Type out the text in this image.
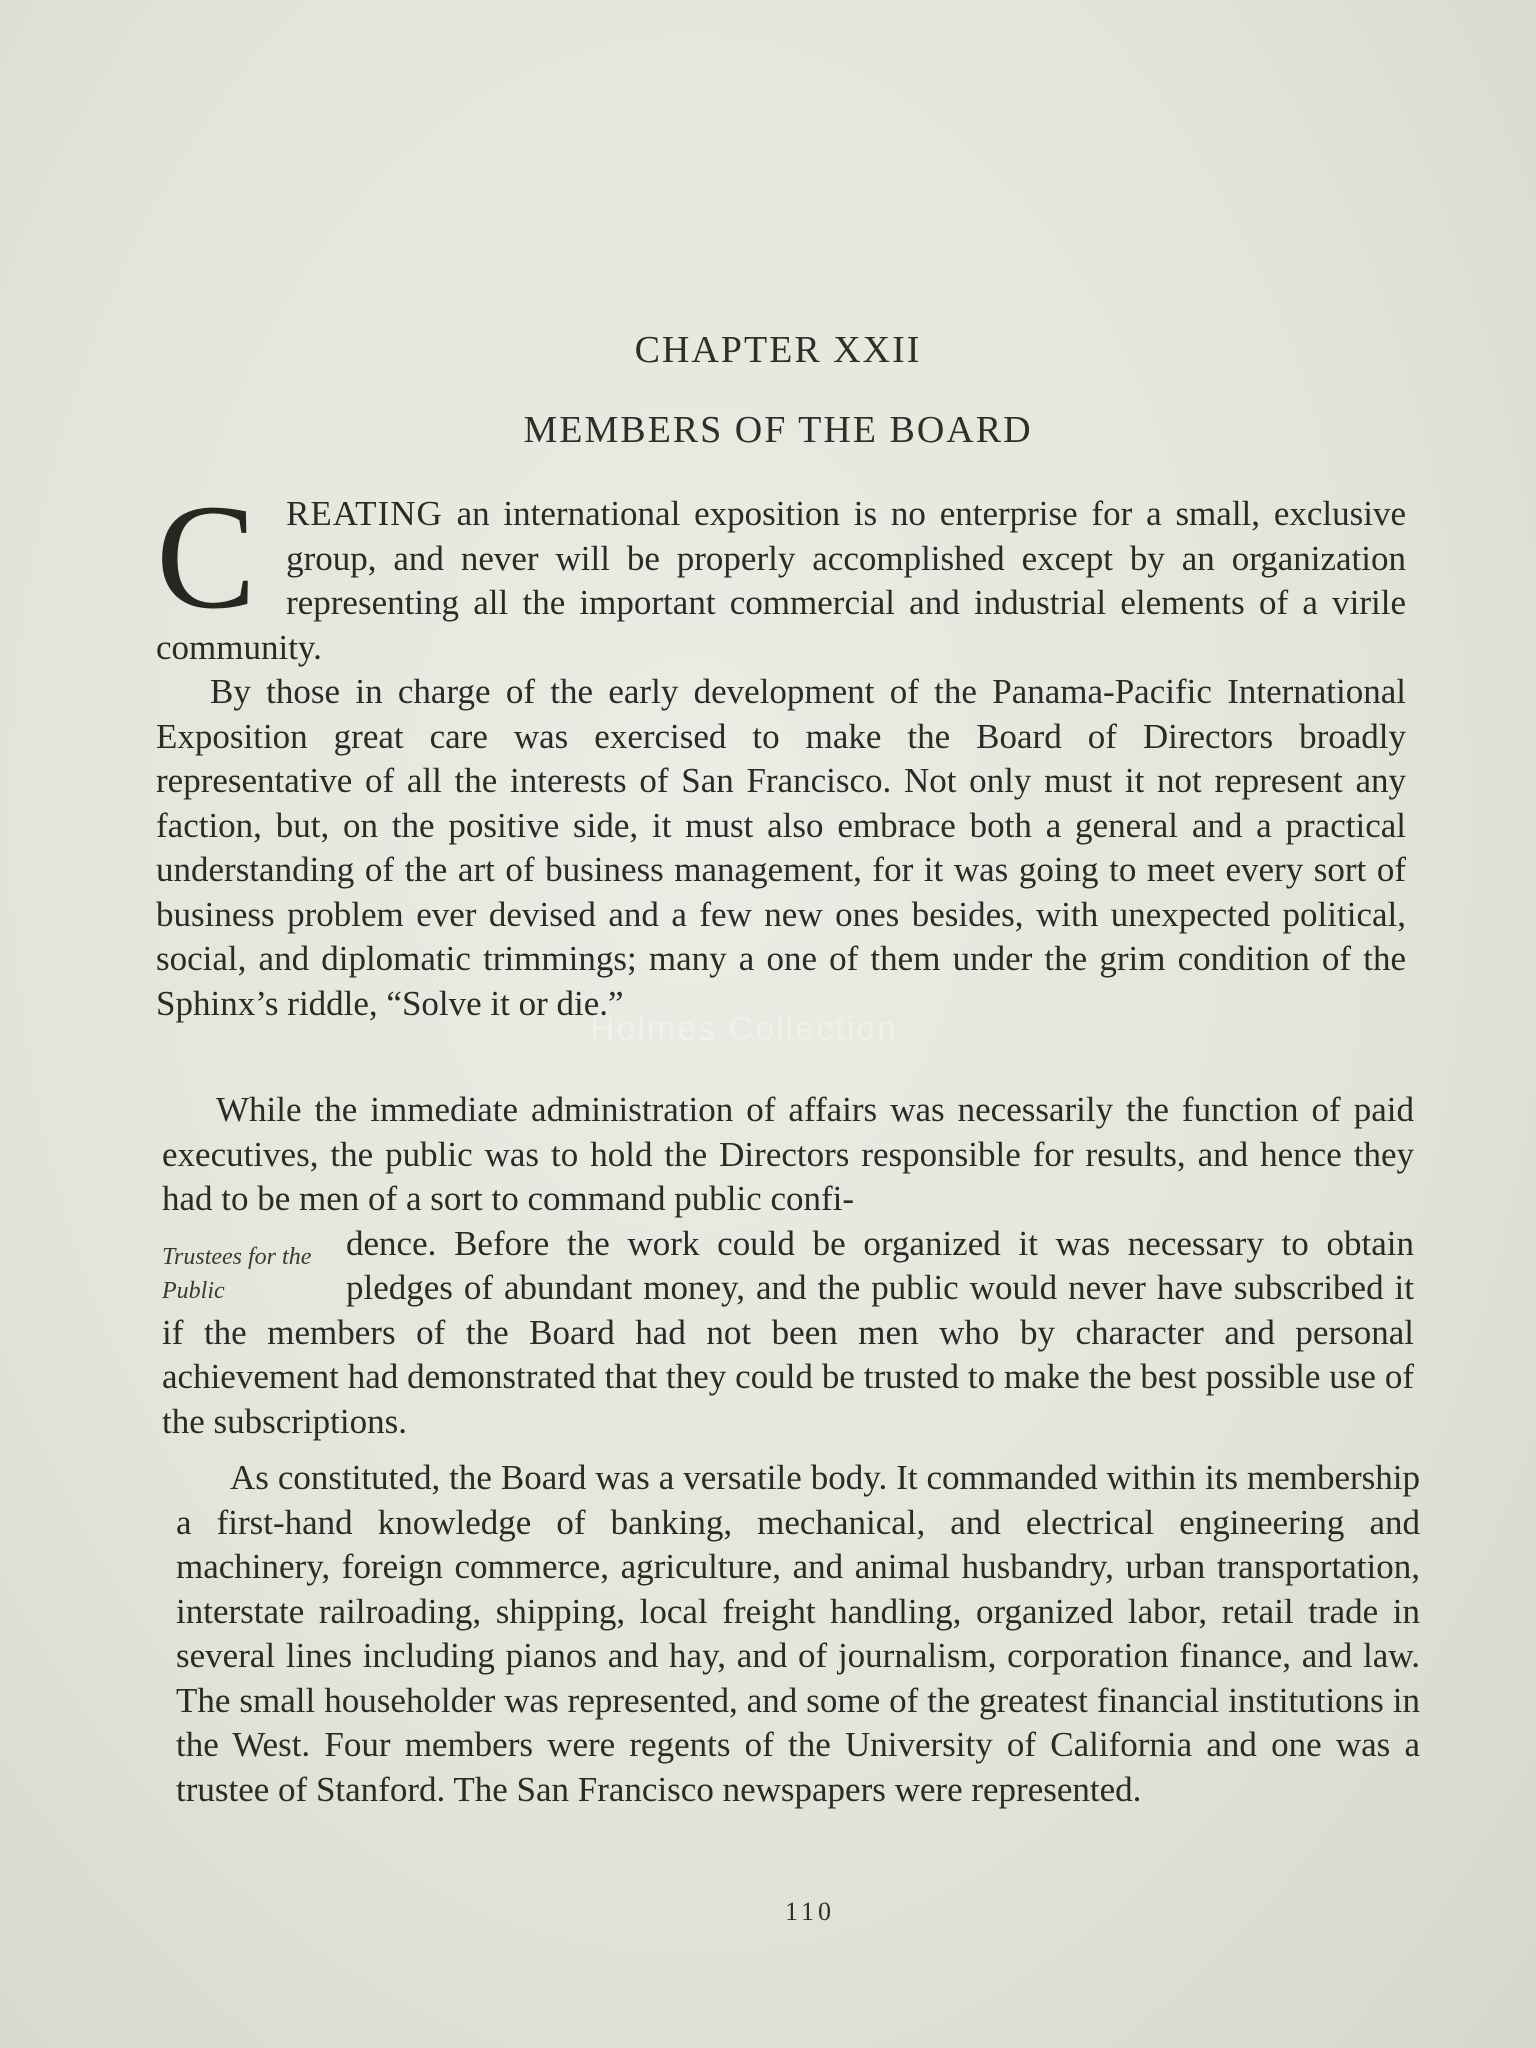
CHAPTER XXII
MEMBERS OF THE BOARD

CREATING an international exposition is no enterprise for a small, exclusive group, and never will be properly accomplished except by an organization representing all the important commercial and industrial elements of a virile community.

By those in charge of the early development of the Panama-Pacific International Exposition great care was exercised to make the Board of Directors broadly representative of all the interests of San Francisco. Not only must it not represent any faction, but, on the positive side, it must also embrace both a general and a practical understanding of the art of business management, for it was going to meet every sort of business problem ever devised and a few new ones besides, with unexpected political, social, and diplomatic trimmings; many a one of them under the grim condition of the Sphinx’s riddle, “Solve it or die.”

While the immediate administration of affairs was necessarily the function of paid executives, the public was to hold the Directors responsible for results, and hence they had to be men of a sort to command public confi-

Trustees for the Public
dence. Before the work could be organized it was necessary to obtain pledges of abundant money, and the public would never have subscribed it if the members of the Board had not been men who by character and personal achievement had demonstrated that they could be trusted to make the best possible use of the subscriptions.

As constituted, the Board was a versatile body. It commanded within its membership a first-hand knowledge of banking, mechanical, and electrical engineering and machinery, foreign commerce, agriculture, and animal husbandry, urban transportation, interstate railroading, shipping, local freight handling, organized labor, retail trade in several lines including pianos and hay, and of journalism, corporation finance, and law. The small householder was represented, and some of the greatest financial institutions in the West. Four members were regents of the University of California and one was a trustee of Stanford. The San Francisco newspapers were represented.

Holmes Collection
110
